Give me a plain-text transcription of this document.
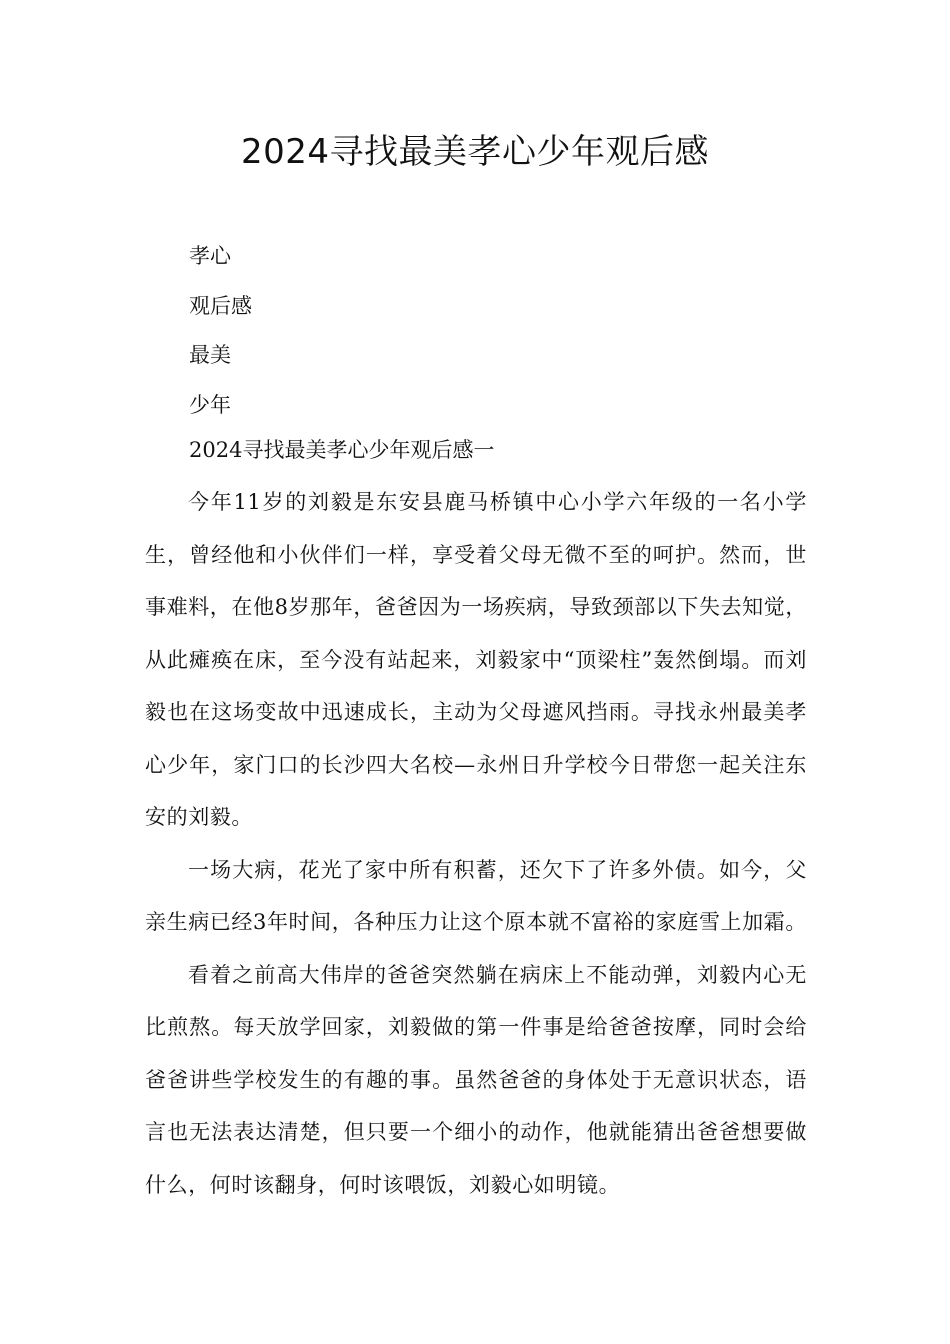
2024寻找最美孝心少年观后感
孝心
观后感
最美
少年
2024寻找最美孝心少年观后感一

今年11岁的刘毅是东安县鹿马桥镇中心小学六年级的一名小学生，曾经他和小伙伴们一样，享受着父母无微不至的呵护。然而，世事难料，在他8岁那年，爸爸因为一场疾病，导致颈部以下失去知觉，从此瘫痪在床，至今没有站起来，刘毅家中“顶梁柱”轰然倒塌。而刘毅也在这场变故中迅速成长，主动为父母遮风挡雨。寻找永州最美孝心少年，家门口的长沙四大名校—永州日升学校今日带您一起关注东安的刘毅。

一场大病，花光了家中所有积蓄，还欠下了许多外债。如今，父亲生病已经3年时间，各种压力让这个原本就不富裕的家庭雪上加霜。

看着之前高大伟岸的爸爸突然躺在病床上不能动弹，刘毅内心无比煎熬。每天放学回家，刘毅做的第一件事是给爸爸按摩，同时会给爸爸讲些学校发生的有趣的事。虽然爸爸的身体处于无意识状态，语言也无法表达清楚，但只要一个细小的动作，他就能猜出爸爸想要做什么，何时该翻身，何时该喂饭，刘毅心如明镜。
